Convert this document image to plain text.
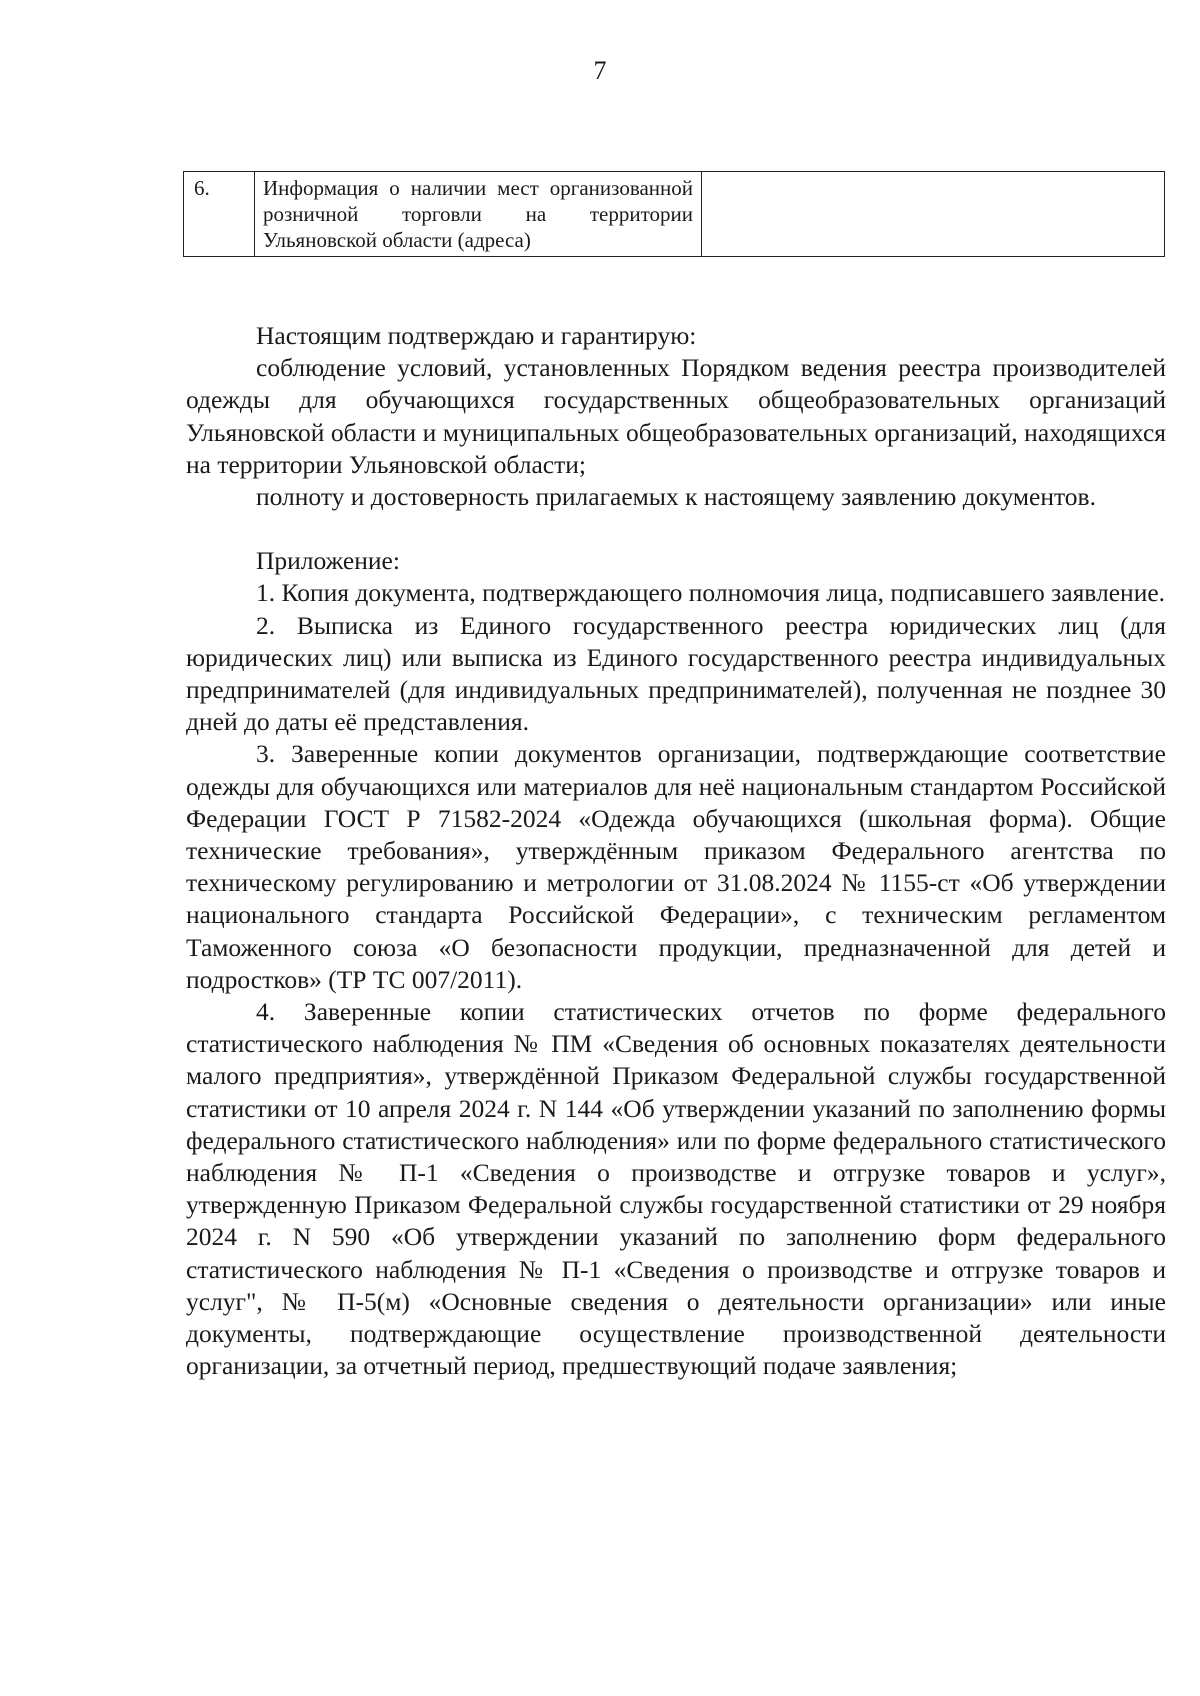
7
6.	Информация о наличии мест организованной розничной торговли на территории Ульяновской области (адреса)	

Настоящим подтверждаю и гарантирую:

соблюдение условий, установленных Порядком ведения реестра производителей одежды для обучающихся государственных общеобразовательных организаций Ульяновской области и муниципальных общеобразовательных организаций, находящихся на территории Ульяновской области;

полноту и достоверность прилагаемых к настоящему заявлению документов.

Приложение:

1. Копия документа, подтверждающего полномочия лица, подписавшего заявление.

2. Выписка из Единого государственного реестра юридических лиц (для юридических лиц) или выписка из Единого государственного реестра индивидуальных предпринимателей (для индивидуальных предпринимателей), полученная не позднее 30 дней до даты её представления.

3. Заверенные копии документов организации, подтверждающие соответствие одежды для обучающихся или материалов для неё национальным стандартом Российской Федерации ГОСТ Р 71582-2024 «Одежда обучающихся (школьная форма). Общие технические требования», утверждённым приказом Федерального агентства по техническому регулированию и метрологии от 31.08.2024 № 1155-ст «Об утверждении национального стандарта Российской Федерации», с техническим регламентом Таможенного союза «О безопасности продукции, предназначенной для детей и подростков» (ТР ТС 007/2011).

4. Заверенные копии статистических отчетов по форме федерального статистического наблюдения № ПМ «Сведения об основных показателях деятельности малого предприятия», утверждённой Приказом Федеральной службы государственной статистики от 10 апреля 2024 г. N 144 «Об утверждении указаний по заполнению формы федерального статистического наблюдения» или по форме федерального статистического наблюдения № П-1 «Сведения о производстве и отгрузке товаров и услуг», утвержденную Приказом Федеральной службы государственной статистики от 29 ноября 2024 г. N 590 «Об утверждении указаний по заполнению форм федерального статистического наблюдения № П-1 «Сведения о производстве и отгрузке товаров и услуг", № П-5(м) «Основные сведения о деятельности организации» или иные документы, подтверждающие осуществление производственной деятельности организации, за отчетный период, предшествующий подаче заявления;
